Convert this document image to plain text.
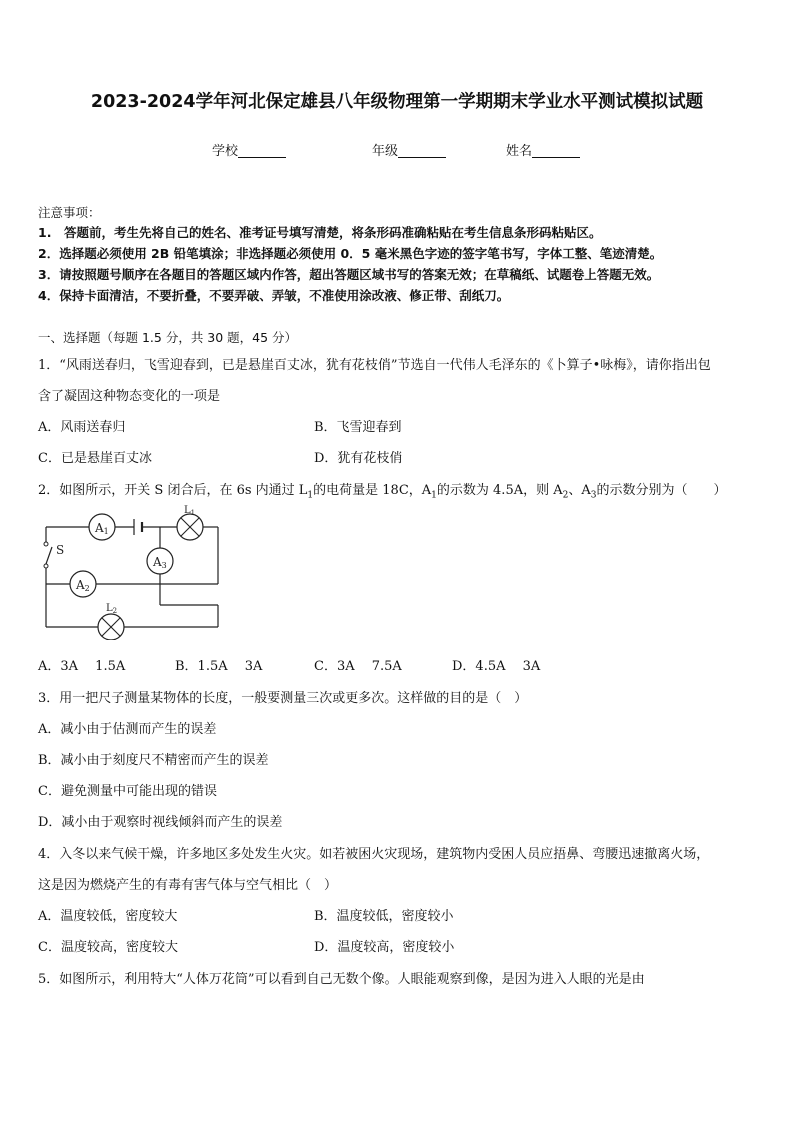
2023-2024学年河北保定雄县八年级物理第一学期期末学业水平测试模拟试题
学校	年级	姓名
注意事项：
1.　答题前，考生先将自己的姓名、准考证号填写清楚，将条形码准确粘贴在考生信息条形码粘贴区。
2．选择题必须使用 2B 铅笔填涂；非选择题必须使用 0．5 毫米黑色字迹的签字笔书写，字体工整、笔迹清楚。
3．请按照题号顺序在各题目的答题区域内作答，超出答题区域书写的答案无效；在草稿纸、试题卷上答题无效。
4．保持卡面清洁，不要折叠，不要弄破、弄皱，不准使用涂改液、修正带、刮纸刀。
一、选择题（每题 1.5 分，共 30 题，45 分）
1．“风雨送春归，飞雪迎春到，已是悬崖百丈冰，犹有花枝俏”节选自一代伟人毛泽东的《卜算子•咏梅》，请你指出包
含了凝固这种物态变化的一项是
A．风雨送春归	B．飞雪迎春到
C．已是悬崖百丈冰	D．犹有花枝俏
2．如图所示，开关 S 闭合后，在 6s 内通过 $L_1$的电荷量是 18C，$A_1$的示数为 4.5A，则 $A_2$、$A_3$的示数分别为（　　）
S
A1
$L_1$
A3
A2
$L_2$
A．3A　 1.5A	B．1.5A　 3A	C．3A　 7.5A	D．4.5A　 3A
3．用一把尺子测量某物体的长度，一般要测量三次或更多次。这样做的目的是（　）
A．减小由于估测而产生的误差
B．减小由于刻度尺不精密而产生的误差
C．避免测量中可能出现的错误
D．减小由于观察时视线倾斜而产生的误差
4．入冬以来气候干燥，许多地区多处发生火灾。如若被困火灾现场，建筑物内受困人员应捂鼻、弯腰迅速撤离火场，
这是因为燃烧产生的有毒有害气体与空气相比（　）
A．温度较低，密度较大	B．温度较低，密度较小
C．温度较高，密度较大	D．温度较高，密度较小
5．如图所示，利用特大“人体万花筒”可以看到自己无数个像。人眼能观察到像，是因为进入人眼的光是由
